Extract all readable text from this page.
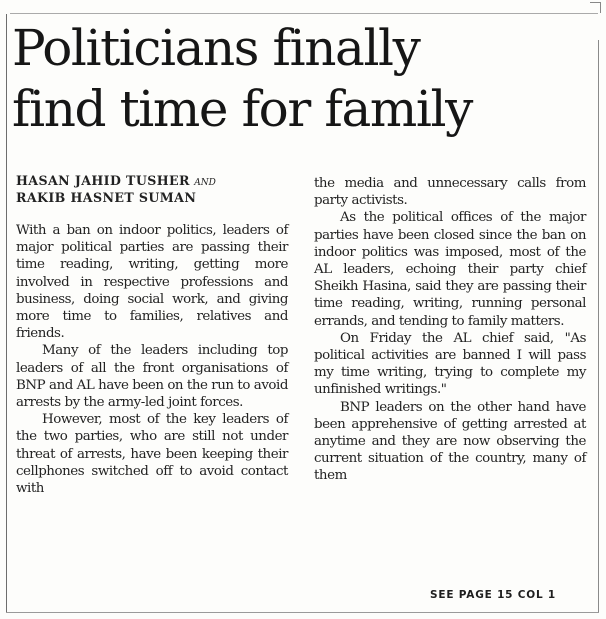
Politicians finally
find time for family
HASAN JAHID TUSHER and
RAKIB HASNET SUMAN

With a ban on indoor politics, leaders of major political parties are passing their time reading, writing, getting more involved in respective professions and business, doing social work, and giving more time to families, relatives and friends.

Many of the leaders including top leaders of all the front organisations of BNP and AL have been on the run to avoid arrests by the army-led joint forces.

However, most of the key leaders of the two parties, who are still not under threat of arrests, have been keeping their cellphones switched off to avoid contact with

the media and unnecessary calls from party activists.

As the political offices of the major parties have been closed since the ban on indoor politics was imposed, most of the AL leaders, echoing their party chief Sheikh Hasina, said they are passing their time reading, writing, running personal errands, and tending to family matters.

On Friday the AL chief said, "As political activities are banned I will pass my time writing, trying to complete my unfinished writings."

BNP leaders on the other hand have been apprehensive of getting arrested at anytime and they are now observing the current situation of the country, many of them

SEE PAGE 15 COL 1
